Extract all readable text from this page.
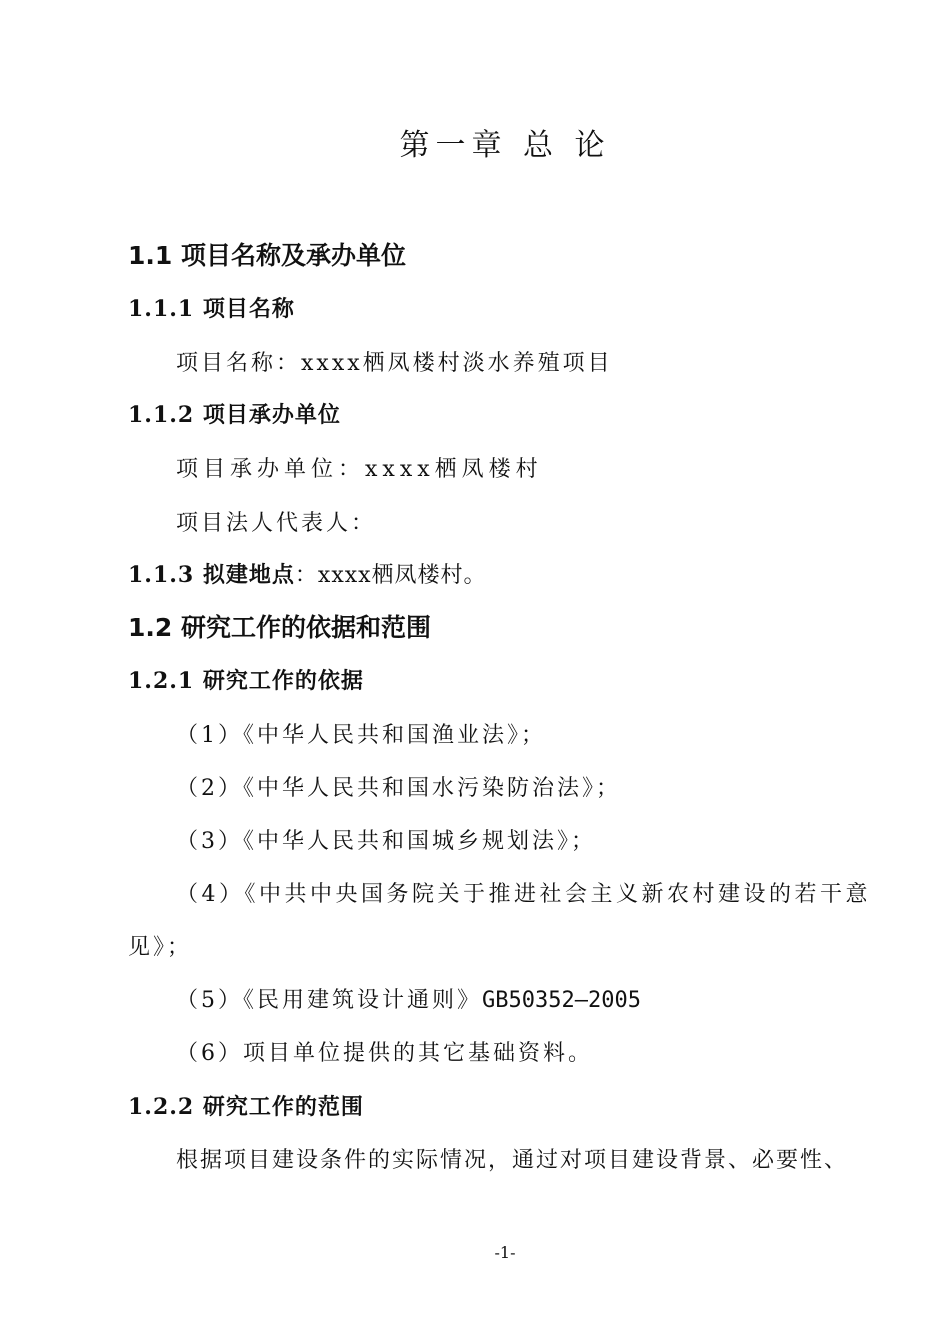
第一章 总 论
1.1 项目名称及承办单位
1.1.1 项目名称
项目名称：xxxx栖凤楼村淡水养殖项目
1.1.2 项目承办单位
项目承办单位：xxxx栖凤楼村
项目法人代表人：
1.1.3 拟建地点：xxxx栖凤楼村。
1.2 研究工作的依据和范围
1.2.1 研究工作的依据
（1）《中华人民共和国渔业法》；
（2）《中华人民共和国水污染防治法》；
（3）《中华人民共和国城乡规划法》；
（4）《中共中央国务院关于推进社会主义新农村建设的若干意
见》；
（5）《民用建筑设计通则》GB50352—2005
（6）项目单位提供的其它基础资料。
1.2.2 研究工作的范围
根据项目建设条件的实际情况，通过对项目建设背景、必要性、
-1-
